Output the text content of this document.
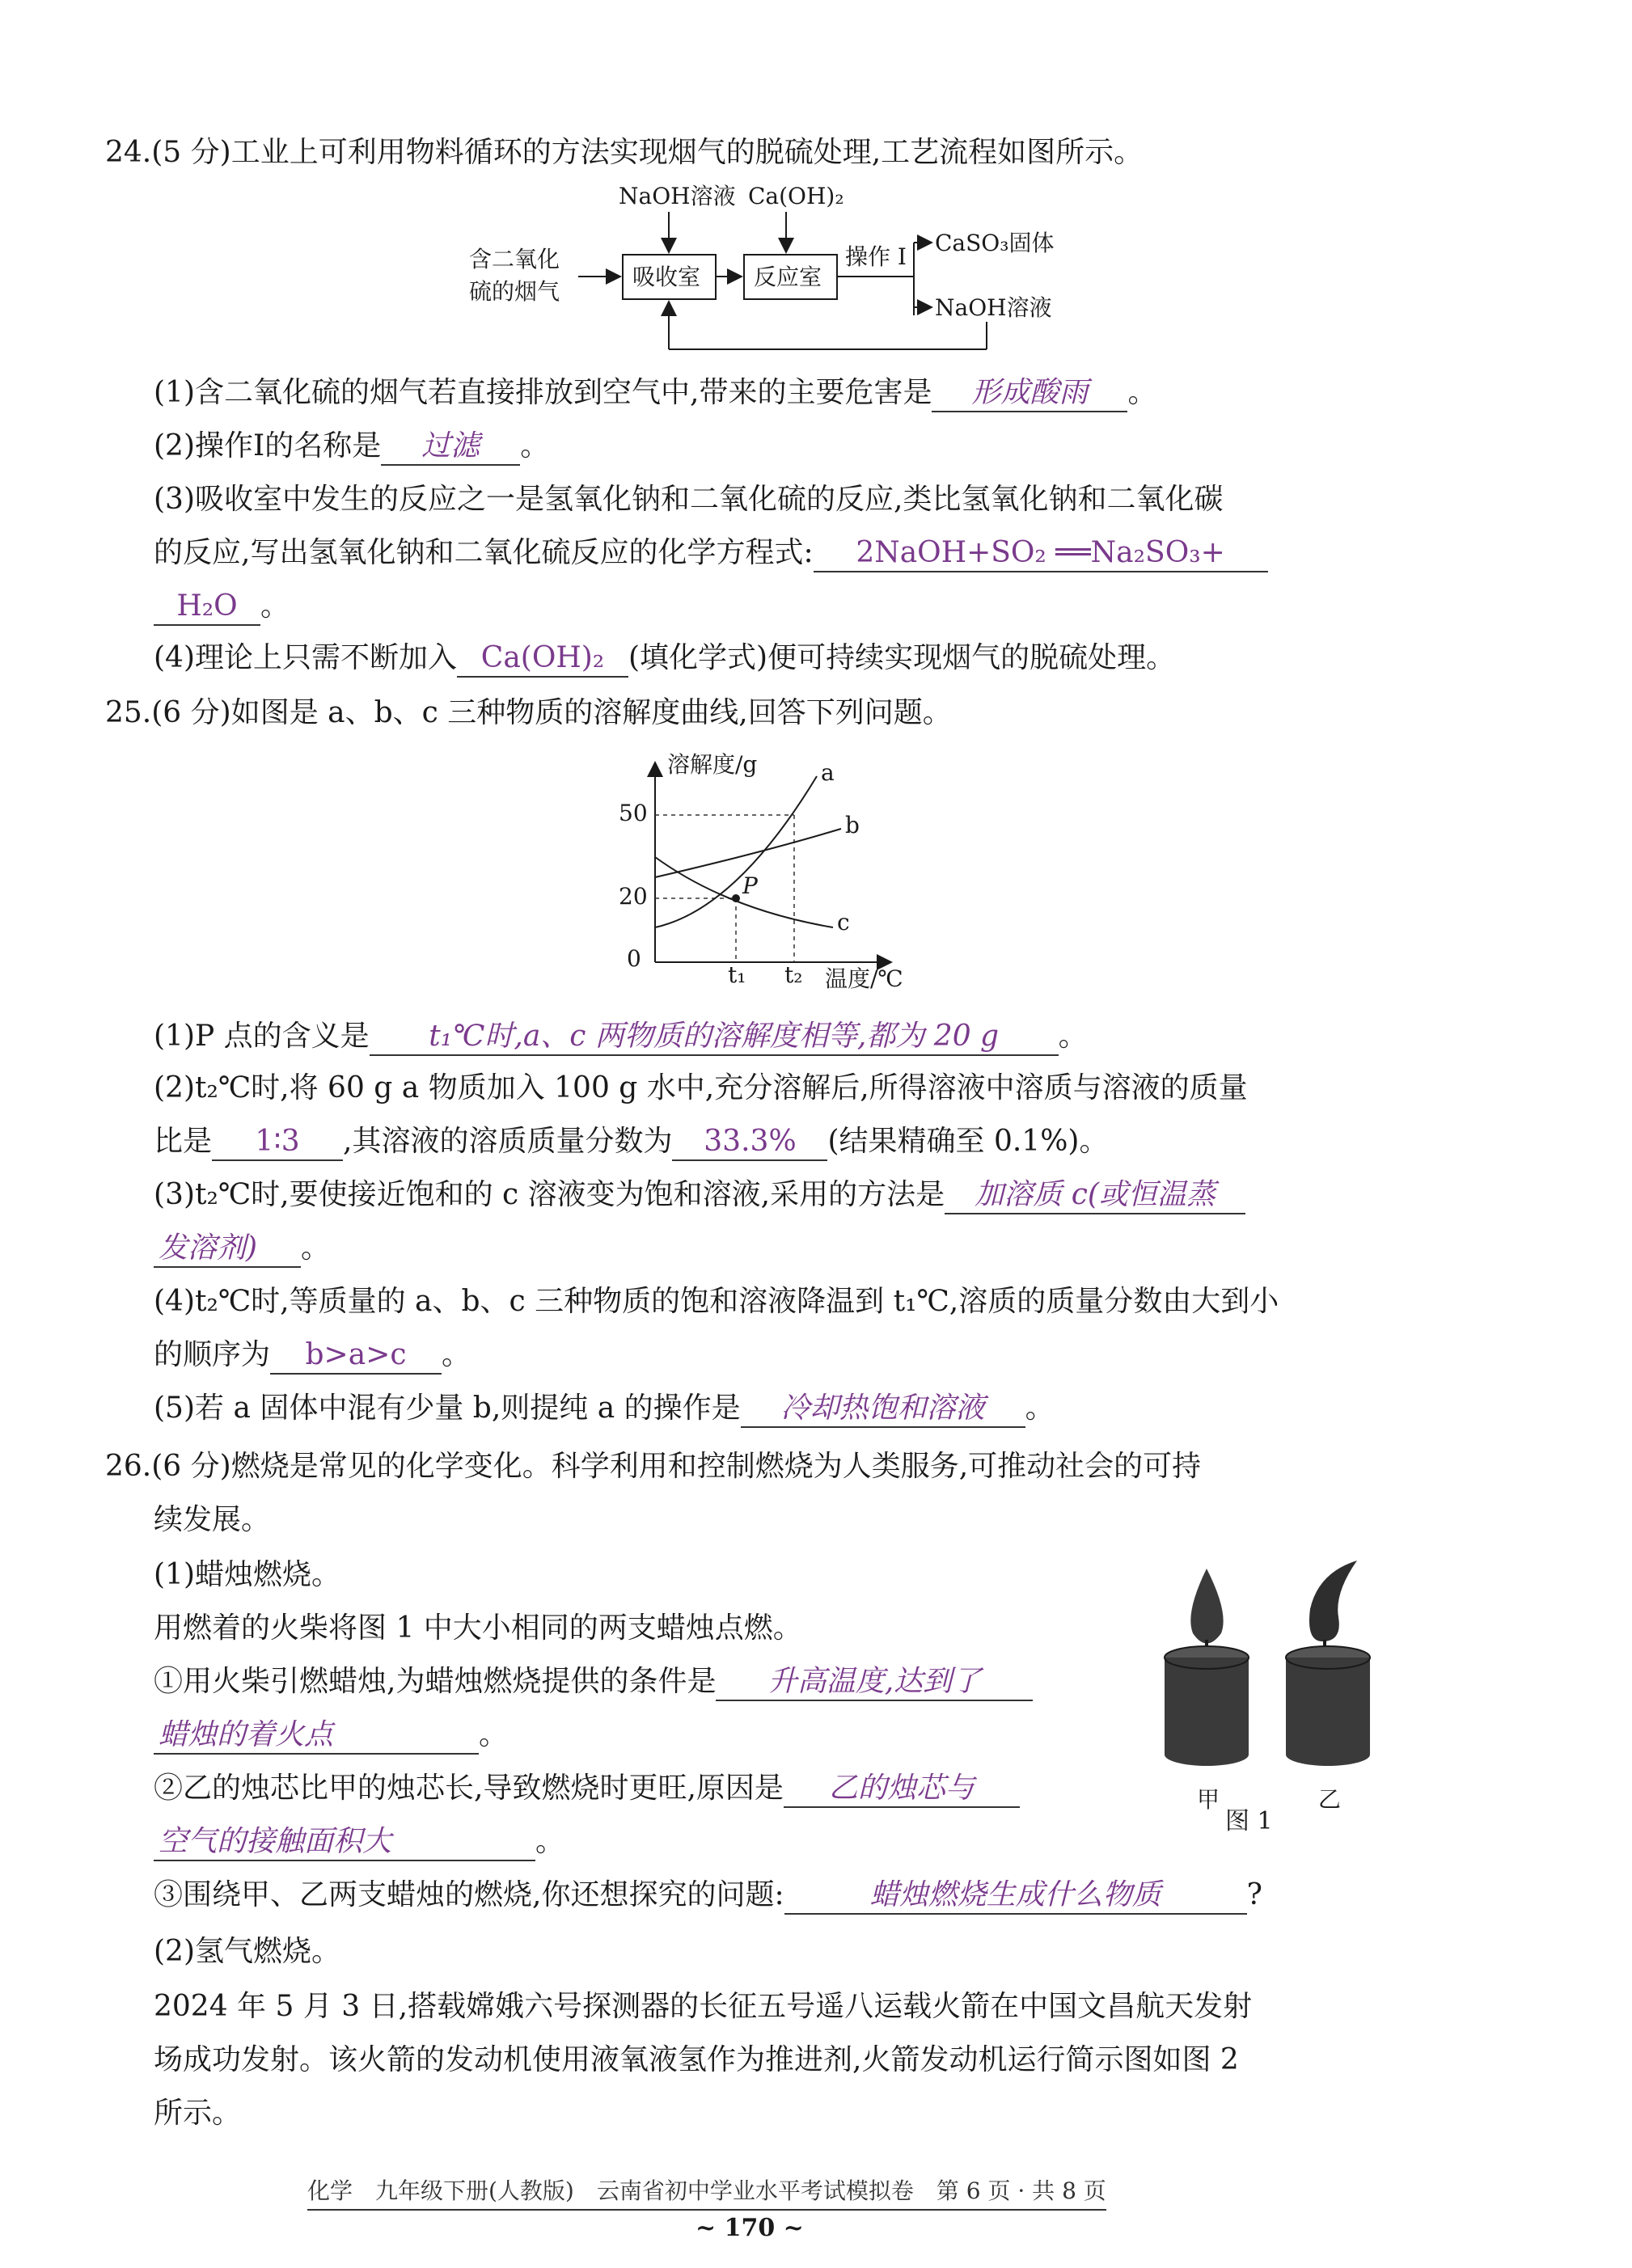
24.(5 分)工业上可利用物料循环的方法实现烟气的脱硫处理,工艺流程如图所示。
含二氧化
硫的烟气
吸收室
NaOH溶液
反应室
Ca(OH)₂
操作 I
CaSO₃固体
NaOH溶液
(1)含二氧化硫的烟气若直接排放到空气中,带来的主要危害是 形成酸雨 。
(2)操作Ⅰ的名称是 过滤 。
(3)吸收室中发生的反应之一是氢氧化钠和二氧化硫的反应,类比氢氧化钠和二氧化碳
的反应,写出氢氧化钠和二氧化硫反应的化学方程式: 2NaOH+SO₂ ══Na₂SO₃+
H₂O 。
(4)理论上只需不断加入 Ca(OH)₂ (填化学式)便可持续实现烟气的脱硫处理。
25.(6 分)如图是 a、b、c 三种物质的溶解度曲线,回答下列问题。
溶解度/g
温度/℃
0
20
50
t₁ t₂
P
a
b
c
(1)P 点的含义是 t₁℃时,a、c 两物质的溶解度相等,都为 20 g 。
(2)t₂℃时,将 60 g a 物质加入 100 g 水中,充分溶解后,所得溶液中溶质与溶液的质量
比是 1∶3 ,其溶液的溶质质量分数为 33.3% (结果精确至 0.1%)。
(3)t₂℃时,要使接近饱和的 c 溶液变为饱和溶液,采用的方法是 加溶质 c(或恒温蒸
发溶剂) 。
(4)t₂℃时,等质量的 a、b、c 三种物质的饱和溶液降温到 t₁℃,溶质的质量分数由大到小
的顺序为 b>a>c 。
(5)若 a 固体中混有少量 b,则提纯 a 的操作是 冷却热饱和溶液 。
26.(6 分)燃烧是常见的化学变化。科学利用和控制燃烧为人类服务,可推动社会的可持
续发展。
(1)蜡烛燃烧。
用燃着的火柴将图 1 中大小相同的两支蜡烛点燃。
①用火柴引燃蜡烛,为蜡烛燃烧提供的条件是 升高温度,达到了
蜡烛的着火点	。
②乙的烛芯比甲的烛芯长,导致燃烧时更旺,原因是 乙的烛芯与
空气的接触面积大	。
③围绕甲、乙两支蜡烛的燃烧,你还想探究的问题:	蜡烛燃烧生成什么物质	?
甲	乙
图 1
(2)氢气燃烧。
2024 年 5 月 3 日,搭载嫦娥六号探测器的长征五号遥八运载火箭在中国文昌航天发射
场成功发射。该火箭的发动机使用液氧液氢作为推进剂,火箭发动机运行简示图如图 2
所示。
化学　九年级下册(人教版)　云南省初中学业水平考试模拟卷　第 6 页 · 共 8 页
~ 170 ~
